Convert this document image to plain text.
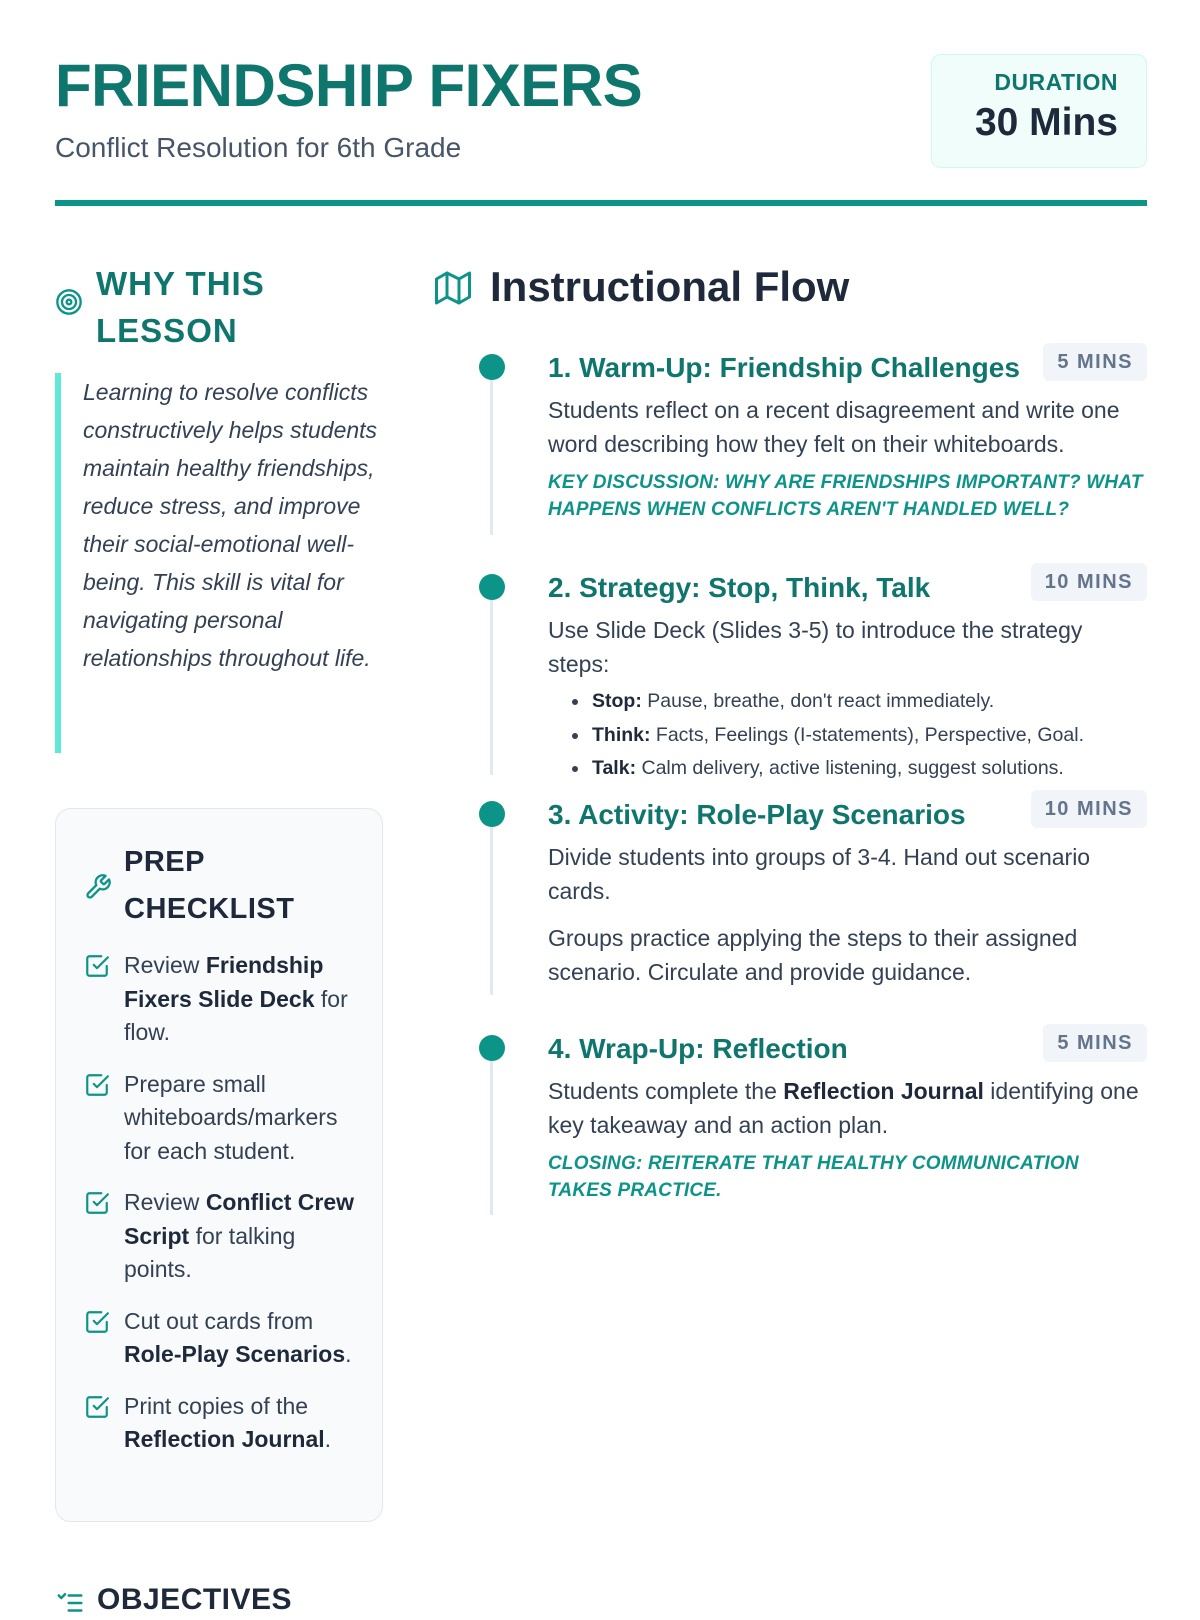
FRIENDSHIP FIXERS
Conflict Resolution for 6th Grade
DURATION
30 Mins
WHY THIS LESSON
Learning to resolve conflicts constructively helps students maintain healthy friendships, reduce stress, and improve their social-emotional well-being. This skill is vital for navigating personal relationships throughout life.
PREP CHECKLIST
Review Friendship Fixers Slide Deck for flow.
Prepare small whiteboards/markers for each student.
Review Conflict Crew Script for talking points.
Cut out cards from Role-Play Scenarios.
Print copies of the Reflection Journal.
OBJECTIVES
Instructional Flow
1. Warm-Up: Friendship Challenges	5 MINS
Students reflect on a recent disagreement and write one word describing how they felt on their whiteboards.
KEY DISCUSSION: WHY ARE FRIENDSHIPS IMPORTANT? WHAT HAPPENS WHEN CONFLICTS AREN'T HANDLED WELL?
2. Strategy: Stop, Think, Talk	10 MINS
Use Slide Deck (Slides 3-5) to introduce the strategy steps:
• Stop: Pause, breathe, don't react immediately.
• Think: Facts, Feelings (I-statements), Perspective, Goal.
• Talk: Calm delivery, active listening, suggest solutions.
3. Activity: Role-Play Scenarios	10 MINS

Divide students into groups of 3-4. Hand out scenario cards.

Groups practice applying the steps to their assigned scenario. Circulate and provide guidance.

4. Wrap-Up: Reflection	5 MINS
Students complete the Reflection Journal identifying one key takeaway and an action plan.
CLOSING: REITERATE THAT HEALTHY COMMUNICATION TAKES PRACTICE.
